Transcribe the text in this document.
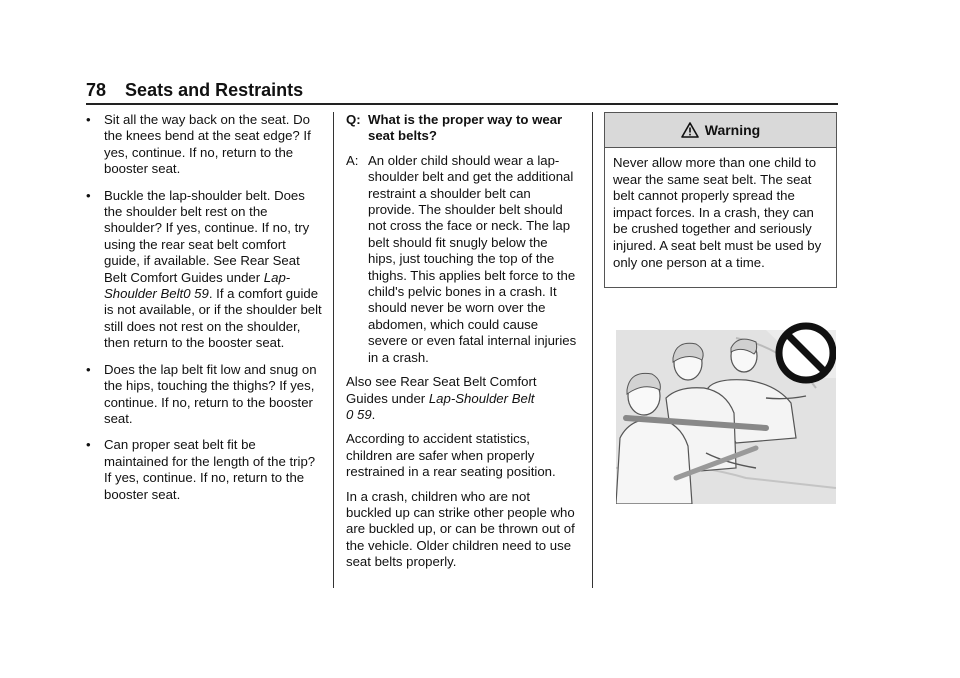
78 Seats and Restraints
• Sit all the way back on the seat. Do the knees bend at the seat edge? If yes, continue. If no, return to the booster seat.
• Buckle the lap-shoulder belt. Does the shoulder belt rest on the shoulder? If yes, continue. If no, try using the rear seat belt comfort guide, if available. See Rear Seat Belt Comfort Guides under Lap-Shoulder Belt0 59. If a comfort guide is not available, or if the shoulder belt still does not rest on the shoulder, then return to the booster seat.
• Does the lap belt fit low and snug on the hips, touching the thighs? If yes, continue. If no, return to the booster seat.
• Can proper seat belt fit be maintained for the length of the trip? If yes, continue. If no, return to the booster seat.
Q: What is the proper way to wear seat belts?
A: An older child should wear a lap-shoulder belt and get the additional restraint a shoulder belt can provide. The shoulder belt should not cross the face or neck. The lap belt should fit snugly below the hips, just touching the top of the thighs. This applies belt force to the child's pelvic bones in a crash. It should never be worn over the abdomen, which could cause severe or even fatal internal injuries in a crash.
Also see Rear Seat Belt Comfort Guides under Lap-Shoulder Belt
0 59.
According to accident statistics, children are safer when properly restrained in a rear seating position.
In a crash, children who are not buckled up can strike other people who are buckled up, or can be thrown out of the vehicle. Older children need to use seat belts properly.
Warning
Never allow more than one child to wear the same seat belt. The seat belt cannot properly spread the impact forces. In a crash, they can be crushed together and seriously injured. A seat belt must be used by only one person at a time.
